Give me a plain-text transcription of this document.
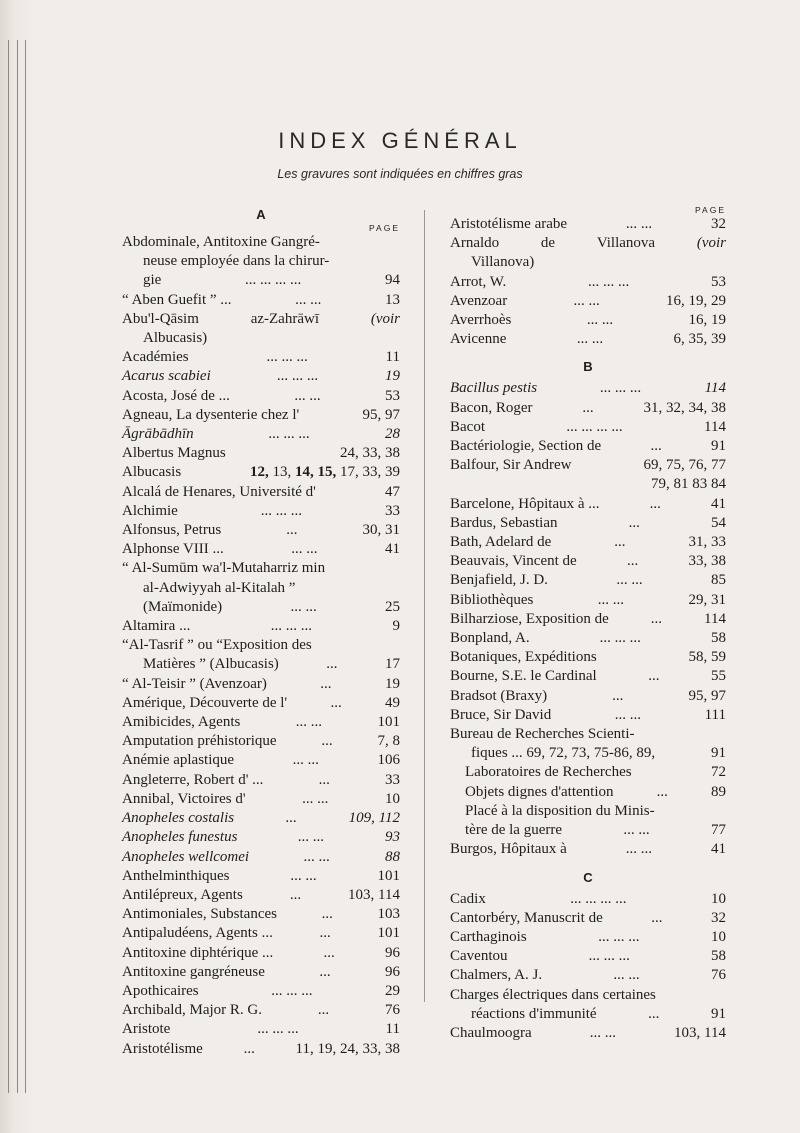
INDEX GÉNÉRAL
Les gravures sont indiquées en chiffres gras
A
PAGE
Abdominale, Antitoxine Gangré-
neuse employée dans la chirur-
gie	... ... ... ...	94
“ Aben Guefit ” ...	... ...	13
Abu'l-Qāsim	az-Zahrāwī	(voir
Albucasis)
Académies	... ... ...	11
Acarus scabiei	... ... ...	19
Acosta, José de ...	... ...	53
Agneau, La dysenterie chez l'	95, 97
Āgrābādhīn	... ... ...	28
Albertus Magnus	24, 33, 38
Albucasis	12, 13, 14, 15, 17, 33, 39
Alcalá de Henares, Université d'	47
Alchimie	... ... ...	33
Alfonsus, Petrus	...	30, 31
Alphonse VIII ...	... ...	41
“ Al-Sumūm wa'l-Mutaharriz min
al-Adwiyyah al-Kitalah ”
(Maïmonide)	... ...	25
Altamira ...	... ... ...	9
“Al-Tasrif ” ou “Exposition des
Matières ” (Albucasis)	...	17
“ Al-Teisir ” (Avenzoar)	...	19
Amérique, Découverte de l'	...	49
Amibicides, Agents	... ...	101
Amputation préhistorique	...	7, 8
Anémie aplastique	... ...	106
Angleterre, Robert d' ...	...	33
Annibal, Victoires d'	... ...	10
Anopheles costalis	...	109, 112
Anopheles funestus	... ...	93
Anopheles wellcomei	... ...	88
Anthelminthiques	... ...	101
Antilépreux, Agents	...	103, 114
Antimoniales, Substances	...	103
Antipaludéens, Agents ...	...	101
Antitoxine diphtérique ...	...	96
Antitoxine gangréneuse	...	96
Apothicaires	... ... ...	29
Archibald, Major R. G.	...	76
Aristote	... ... ...	11
Aristotélisme	...	11, 19, 24, 33, 38
PAGE
Aristotélisme arabe	... ...	32
Arnaldo	de	Villanova	(voir
Villanova)
Arrot, W.	... ... ...	53
Avenzoar	... ...	16, 19, 29
Averrhoès	... ...	16, 19
Avicenne	... ...	6, 35, 39
B
Bacillus pestis	... ... ...	114
Bacon, Roger	...	31, 32, 34, 38
Bacot	... ... ... ...	114
Bactériologie, Section de	...	91
Balfour, Sir Andrew	69, 75, 76, 77
79, 81 83 84
Barcelone, Hôpitaux à ...	...	41
Bardus, Sebastian	...	54
Bath, Adelard de	...	31, 33
Beauvais, Vincent de	...	33, 38
Benjafield, J. D.	... ...	85
Bibliothèques	... ...	29, 31
Bilharziose, Exposition de	...	114
Bonpland, A.	... ... ...	58
Botaniques, Expéditions	58, 59
Bourne, S.E. le Cardinal	...	55
Bradsot (Braxy)	...	95, 97
Bruce, Sir David	... ...	111
Bureau de Recherches Scienti-
fiques ... 69, 72, 73, 75-86, 89,	91
Laboratoires de Recherches	72
Objets dignes d'attention	...	89
Placé à la disposition du Minis-
tère de la guerre	... ...	77
Burgos, Hôpitaux à	... ...	41
C
Cadix	... ... ... ...	10
Cantorbéry, Manuscrit de	...	32
Carthaginois	... ... ...	10
Caventou	... ... ...	58
Chalmers, A. J.	... ...	76
Charges électriques dans certaines
réactions d'immunité	...	91
Chaulmoogra	... ...	103, 114
